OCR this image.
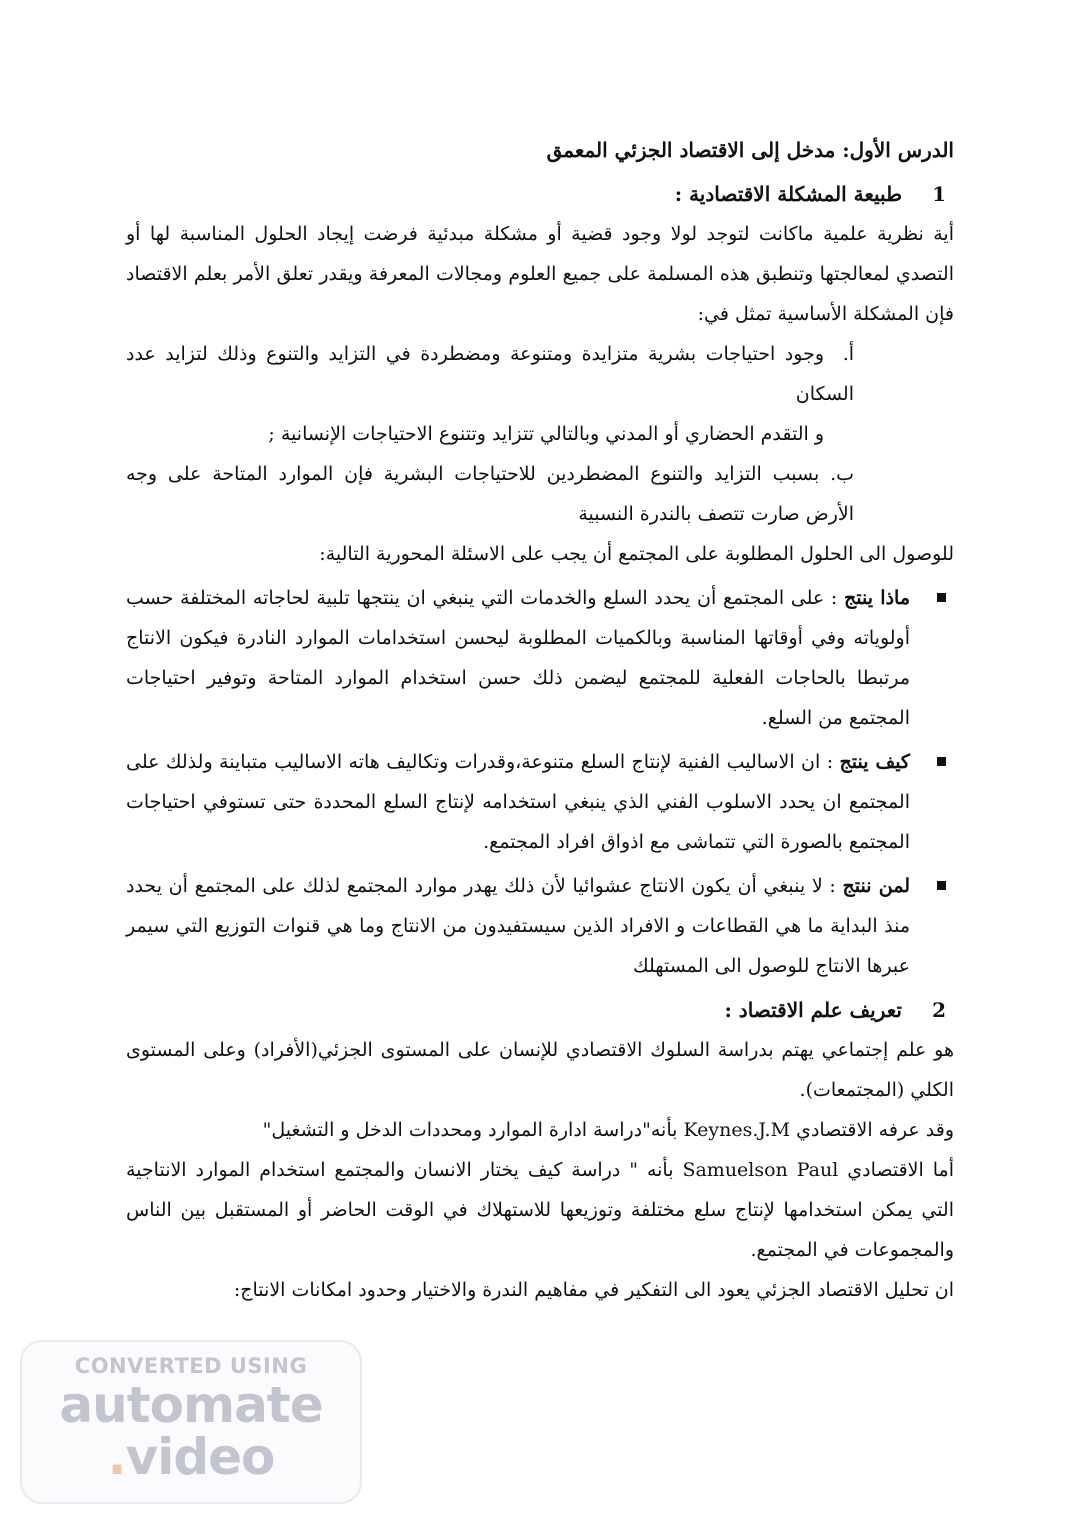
الدرس الأول: مدخل إلى الاقتصاد الجزئي المعمق

1طبيعة المشكلة الاقتصادية :

أية نظرية علمية ماكانت لتوجد لولا وجود قضية أو مشكلة مبدئية فرضت إيجاد الحلول المناسبة لها أو التصدي لمعالجتها وتنطبق هذه المسلمة على جميع العلوم ومجالات المعرفة ويقدر تعلق الأمر بعلم الاقتصاد فإن المشكلة الأساسية تمثل في:

أ.وجود احتياجات بشرية متزايدة ومتنوعة ومضطردة في التزايد والتنوع وذلك لتزايد عدد السكان

و التقدم الحضاري أو المدني وبالتالي تتزايد وتتنوع الاحتياجات الإنسانية ;

ب. بسبب التزايد والتنوع المضطردين للاحتياجات البشرية فإن الموارد المتاحة على وجه الأرض صارت تتصف بالندرة النسبية

للوصول الى الحلول المطلوبة على المجتمع أن يجب على الاسئلة المحورية التالية:

ماذا ينتج : على المجتمع أن يحدد السلع والخدمات التي ينبغي ان ينتجها تلبية لحاجاته المختلفة حسب أولوياته وفي أوقاتها المناسبة وبالكميات المطلوبة ليحسن استخدامات الموارد النادرة فيكون الانتاج مرتبطا بالحاجات الفعلية للمجتمع ليضمن ذلك حسن استخدام الموارد المتاحة وتوفير احتياجات المجتمع من السلع.
كيف ينتج : ان الاساليب الفنية لإنتاج السلع متنوعة،وقدرات وتكاليف هاته الاساليب متباينة ولذلك على المجتمع ان يحدد الاسلوب الفني الذي ينبغي استخدامه لإنتاج السلع المحددة حتى تستوفي احتياجات المجتمع بالصورة التي تتماشى مع اذواق افراد المجتمع.
لمن ننتج : لا ينبغي أن يكون الانتاج عشوائيا لأن ذلك يهدر موارد المجتمع لذلك على المجتمع أن يحدد منذ البداية ما هي القطاعات و الافراد الذين سيستفيدون من الانتاج وما هي قنوات التوزيع التي سيمر عبرها الانتاج للوصول الى المستهلك

2تعريف علم الاقتصاد :

هو علم إجتماعي يهتم بدراسة السلوك الاقتصادي للإنسان على المستوى الجزئي(الأفراد) وعلى المستوى الكلي (المجتمعات).

وقد عرفه الاقتصادي Keynes.J.M بأنه"دراسة ادارة الموارد ومحددات الدخل و التشغيل"

أما الاقتصادي Samuelson Paul بأنه " دراسة كيف يختار الانسان والمجتمع استخدام الموارد الانتاجية التي يمكن استخدامها لإنتاج سلع مختلفة وتوزيعها للاستهلاك في الوقت الحاضر أو المستقبل بين الناس والمجموعات في المجتمع.

ان تحليل الاقتصاد الجزئي يعود الى التفكير في مفاهيم الندرة والاختيار وحدود امكانات الانتاج:

CONVERTED USING
automate
.video
